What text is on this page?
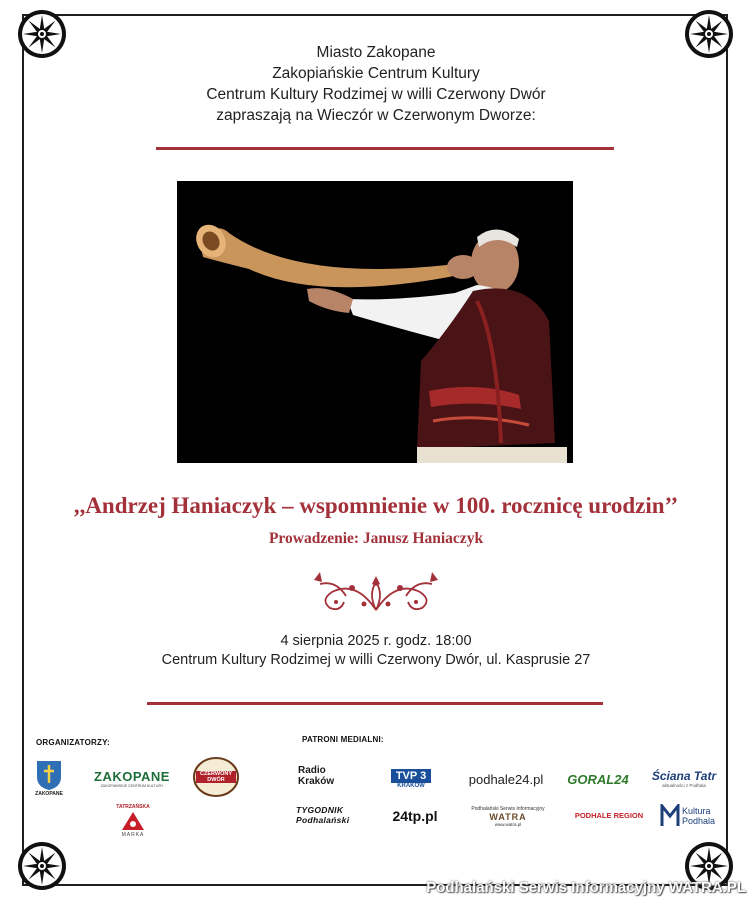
Miasto Zakopane
Zakopiańskie Centrum Kultury
Centrum Kultury Rodzimej w willi Czerwony Dwór
zapraszają na Wieczór w Czerwonym Dworze:
,,Andrzej Haniaczyk – wspomnienie w 100. rocznicę urodzin’’
Prowadzenie: Janusz Haniaczyk
4 sierpnia 2025 r. godz. 18:00
Centrum Kultury Rodzimej w willi Czerwony Dwór, ul. Kasprusie 27
ORGANIZATORZY:
ZAKOPANE
ZAKOPANE
ZAKOPIAŃSKIE CENTRUM KULTURY
CZERWONY DWÓR
TATRZAŃSKA
MARKA
PATRONI MEDIALNI:
Radio Kraków	TVP 3
KRAKÓW	podhale24.pl GORAL24 Ściana Tatr
aktualności z Podhala
TYGODNIK Podhalański	24tp.pl	Podhalański Serwis Informacyjny
WATRA
www.watra.pl
PODHALE REGION	Kultura Podhala
Podhalański Serwis Informacyjny WATRA.PL
